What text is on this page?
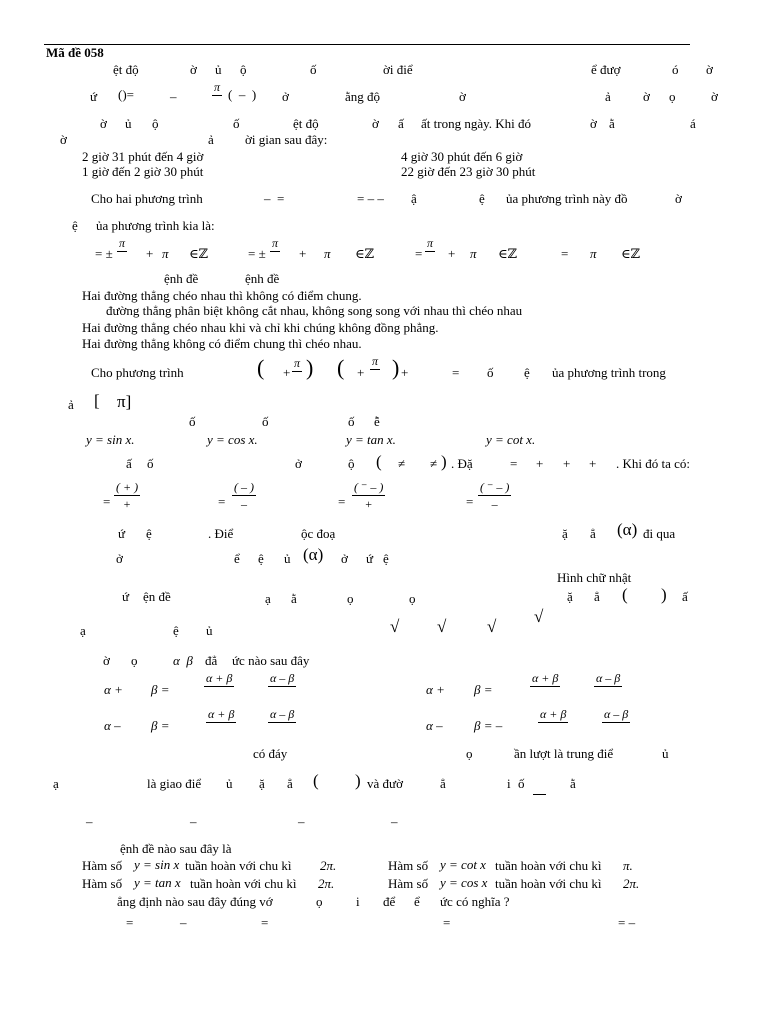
Mã đề 058
ệt độ	ờ ủ ộ	ố	ời điể	ể đượ	ó ờ
ứ ()=	–	(  –  ) ở	ằng độ	ờ	ả ờ ọ	ờ
ờ ủ ộ	ố	ệt độ	ờ ấ ất trong ngày. Khi đó	ờ ằ	á
ờ	ả ời gian sau đây:
2 giờ 31 phút đến 4 giờ	4 giờ 30 phút đến 6 giờ
1 giờ đến 2 giờ 30 phút	22 giờ đến 23 giờ 30 phút
Cho hai phương trình	–  =	= – – ậ	ệ ủa phương trình này đồ	ờ
ệ ủa phương trình kia là:
= ±	+ π ∈ℤ	= ±	+ π ∈ℤ	= + π ∈ℤ	= π ∈ℤ
ệnh đề	ệnh đề
Hai đường thẳng chéo nhau thì không có điểm chung.
đường thẳng phân biệt không cắt nhau, không song song với nhau thì chéo nhau
Hai đường thẳng chéo nhau khi và chỉ khi chúng không đồng phẳng.
Hai đường thẳng không có điểm chung thì chéo nhau.
Cho phương trình	+	+	+	= ố ệ ủa phương trình trong
ả
ố	ố	ố ễ
y = sin x.	y = cos x.	y = tan x.	y = cot x.
ấ ố	ở	ộ	≠ ≠ . Đặ	= + + + . Khi đó ta có:
=	=	=	=
ứ ệ	. Điể	ộc đoạ	ặ ẳ	đi qua
ở	ể ệ ủ	ở ứ ệ
Hình chữ nhật
ứ ện đề	ạ ằ	ọ	ọ	ặ ẳ	ấ
ạ	ệ ủ
ờ ọ	α  β đẳ ức nào sau đây
α + β =	α + β =
α – β =	α – β = –
có đáy	ọ	ần lượt là trung điể	ủ
ạ	là giao điể ủ ặ ẳ	và đườ	ẳ	i ố	ằ
–	–	–	–
ệnh đề nào sau đây là
Hàm số y = sin x tuần hoàn với chu kì 2π.	Hàm số y = cot x tuần hoàn với chu kì π.
Hàm số y = tan x tuần hoàn với chu kì 2π.	Hàm số y = cos x tuần hoàn với chu kì 2π.
ẳng định nào sau đây đúng vớ	ọ	i để ể ức có nghĩa ?
=	–	=	=	= –
π

π
	π
	π

π
	π

( + )
+
( – )
–
( ⁻ – )
+
( ⁻ – )
–
α + β
	α – β
	α + β
	α – β

α + β
	α – β
	α + β
	α – β

( ) ( )
[ π]
(	)
(α)
(α)
( )
( )
√ √ √
√
